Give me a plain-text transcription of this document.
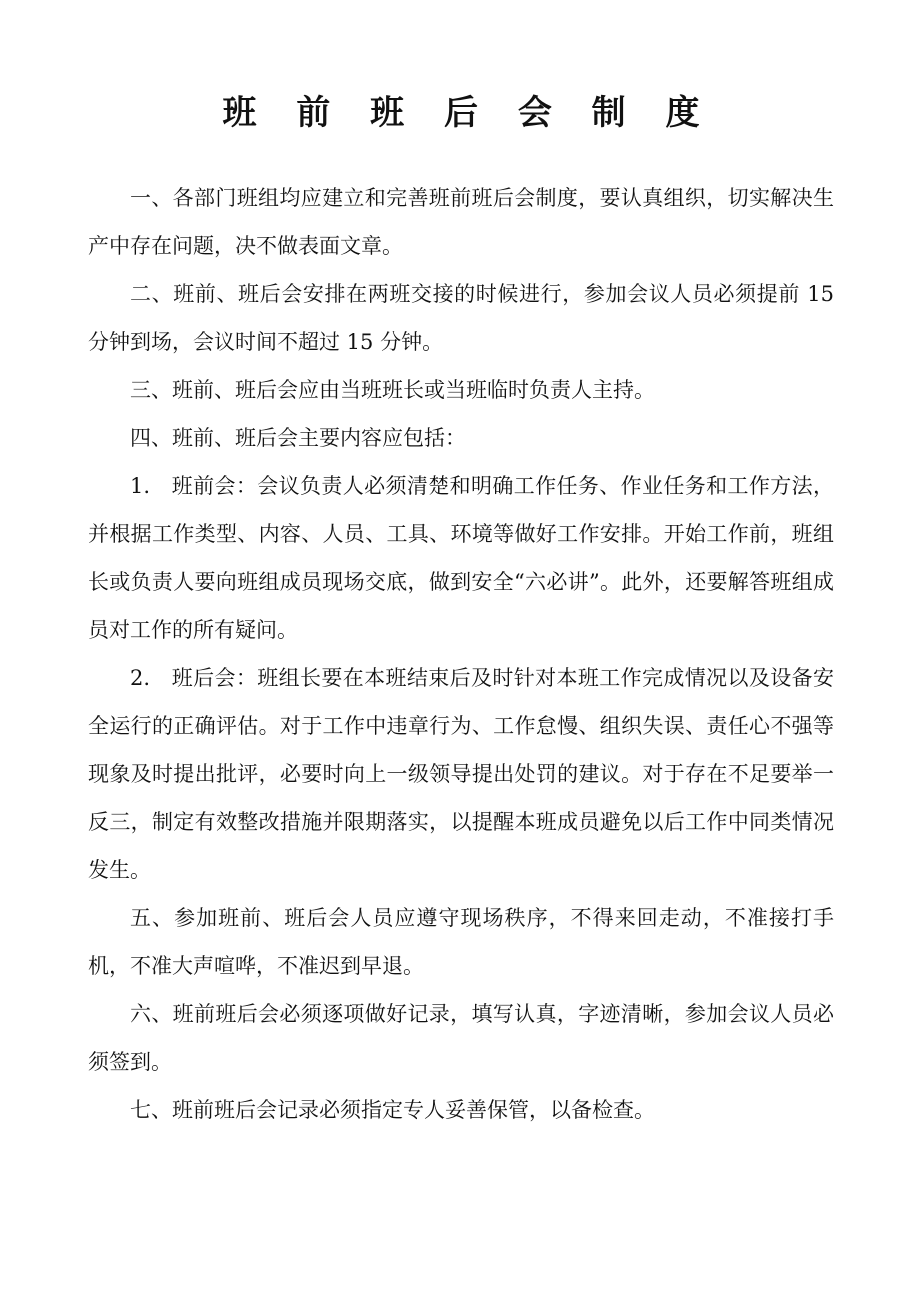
班 前 班 后 会 制 度

一、各部门班组均应建立和完善班前班后会制度，要认真组织，切实解决生产中存在问题，决不做表面文章。

二、班前、班后会安排在两班交接的时候进行，参加会议人员必须提前 15 分钟到场，会议时间不超过 15 分钟。

三、班前、班后会应由当班班长或当班临时负责人主持。

四、班前、班后会主要内容应包括：

1.　班前会：会议负责人必须清楚和明确工作任务、作业任务和工作方法，并根据工作类型、内容、人员、工具、环境等做好工作安排。开始工作前，班组长或负责人要向班组成员现场交底，做到安全“六必讲”。此外，还要解答班组成员对工作的所有疑问。

2.　班后会：班组长要在本班结束后及时针对本班工作完成情况以及设备安全运行的正确评估。对于工作中违章行为、工作怠慢、组织失误、责任心不强等现象及时提出批评，必要时向上一级领导提出处罚的建议。对于存在不足要举一反三，制定有效整改措施并限期落实，以提醒本班成员避免以后工作中同类情况发生。

五、参加班前、班后会人员应遵守现场秩序，不得来回走动，不准接打手机，不准大声喧哗，不准迟到早退。

六、班前班后会必须逐项做好记录，填写认真，字迹清晰，参加会议人员必须签到。

七、班前班后会记录必须指定专人妥善保管，以备检查。
